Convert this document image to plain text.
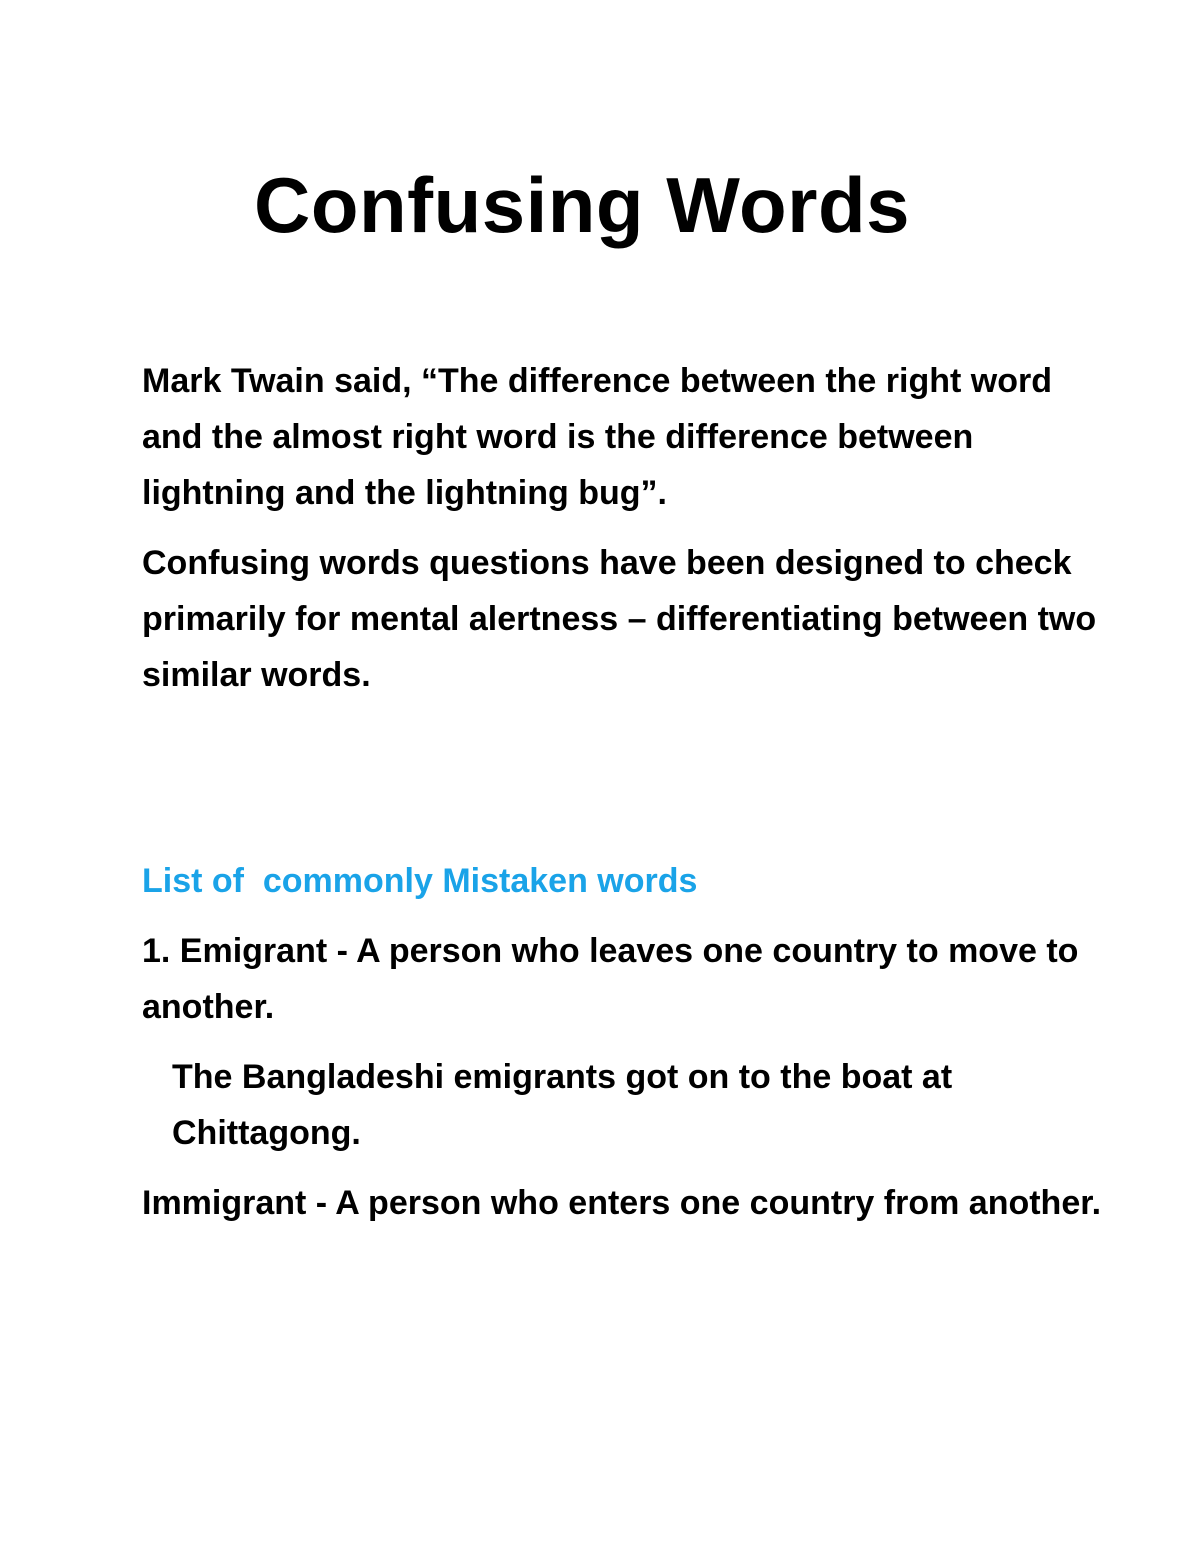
Confusing Words

Mark Twain said, “The difference between the right word and the almost right word is the difference between lightning and the lightning bug”.

Confusing words questions have been designed to check primarily for mental alertness – differentiating between two similar words.

List of  commonly Mistaken words

1. Emigrant - A person who leaves one country to move to another.

The Bangladeshi emigrants got on to the boat at Chittagong.

Immigrant - A person who enters one country from another.
